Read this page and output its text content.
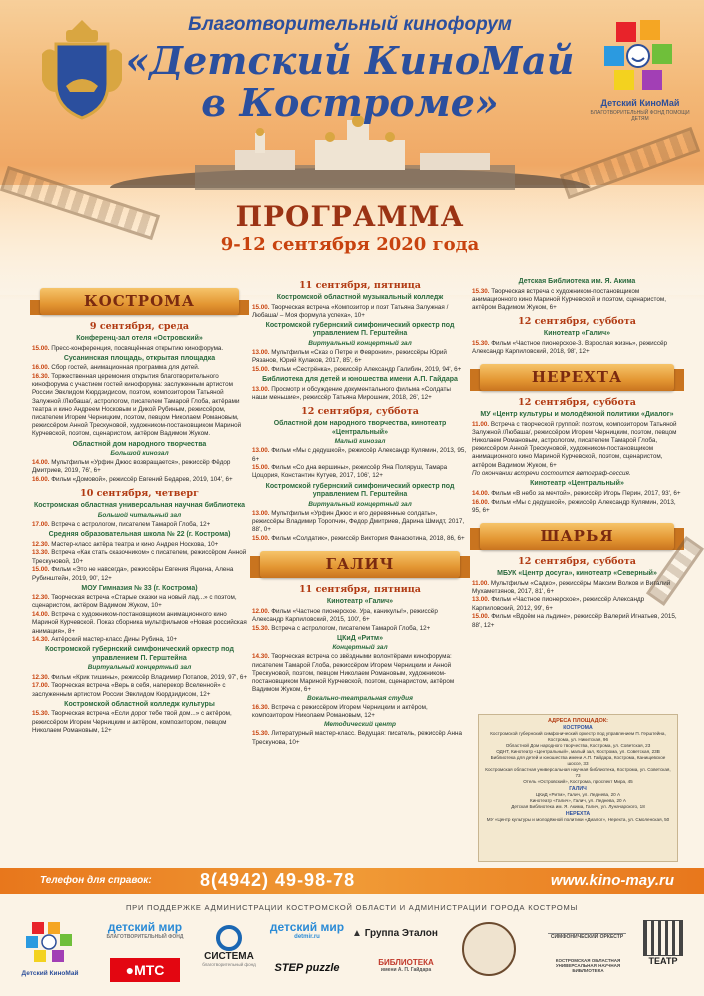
Детский КиноМай
БЛАГОТВОРИТЕЛЬНЫЙ ФОНД ПОМОЩИ ДЕТЯМ
Благотворительный кинофорум
«Детский КиноМай
в Костроме»
ПРОГРАММА
9-12 сентября 2020 года
КОСТРОМА
9 сентября, среда
Конференц-зал отеля «Островский»
15.00. Пресс-конференция, посвящённая открытию кинофорума.
Сусанинская площадь, открытая площадка
16.00. Сбор гостей, анимационная программа для детей.
16.30. Торжественная церемония открытия благотворительного кинофорума с участием гостей кинофорума: заслуженным артистом России Эвклидом Кюрдзидисом, поэтом, композитором Татьяной Залужной /Любаша/, астрологом, писателем Тамарой Глоба, актёрами театра и кино Андреем Носковым и Дикой Рубиным, режиссёром, писателем Игорем Черницким, поэтом, певцом Николаем Романовым, режиссёром Анной Трескуновой, художником-постановщиком Мариной Курчевской, поэтом, сценаристом, актёром Вадимом Жуком.
Областной дом народного творчества
Большой кинозал
14.00. Мультфильм «Урфин Джюс возвращается», режиссёр Фёдор Дмитриев, 2019, 76', 6+
16.00. Фильм «Домовой», режиссёр Евгений Бедарев, 2019, 104', 6+
10 сентября, четверг
Костромская областная универсальная научная библиотека
Большой читальный зал
17.00. Встреча с астрологом, писателем Тамарой Глоба, 12+
Средняя образовательная школа № 22 (г. Кострома)
12.30. Мастер-класс актёра театра и кино Андрея Носкова, 10+
13.30. Встреча «Как стать сказочником» с писателем, режиссёром Анной Трескуновой, 10+
15.00. Фильм «Это не навсегда», режиссёры Евгения Яцкина, Алена Рубинштейн, 2019, 90', 12+
МОУ Гимназия № 33 (г. Кострома)
12.30. Творческая встреча «Старые сказки на новый лад...» с поэтом, сценаристом, актёром Вадимом Жуком, 10+
14.00. Встреча с художником-постановщиком анимационного кино Мариной Курчевской. Показ сборника мультфильмов «Новая российская анимация», 8+
14.30. Актёрский мастер-класс Дины Рубина, 10+
Костромской губернский симфонический оркестр под управлением П. Герштейна
Виртуальный концертный зал
12.30. Фильм «Крик тишины», режиссёр Владимир Потапов, 2019, 97', 6+
17.00. Творческая встреча «Верь в себя, наперекор Вселенной» с заслуженным артистом России Эвклидом Кюрдзидисом, 12+
Костромской областной колледж культуры
15.30. Творческая встреча «Если дорог тебе твой дом...» с актёром, режиссёром Игорем Черницким и актёром, композитором, певцом Николаем Романовым, 12+
11 сентября, пятница
Костромской областной музыкальный колледж
15.00. Творческая встреча «Композитор и поэт Татьяна Залужная /Любаша/ – Моя формула успеха», 10+
Костромской губернский симфонический оркестр под управлением П. Герштейна
Виртуальный концертный зал
13.00. Мультфильм «Сказ о Петре и Февронии», режиссёры Юрий Рязанов, Юрий Кулаков, 2017, 85', 6+
15.00. Фильм «Сестрёнка», режиссёр Александр Галибин, 2019, 94', 6+
Библиотека для детей и юношества имени А.П. Гайдара
13.00. Просмотр и обсуждение документального фильма «Солдаты наши меньшие», режиссёр Татьяна Мирошник, 2018, 26', 12+
12 сентября, суббота
Областной дом народного творчества, кинотеатр «Центральный»
Малый кинозал
13.00. Фильм «Мы с дедушкой», режиссёр Александр Кулямин, 2013, 95, 6+
15.00. Фильм «Со дна вершины», режиссёр Яна Поляруш, Тамара Цоцория, Константин Кутуев, 2017, 106', 12+
Костромской губернский симфонический оркестр под управлением П. Герштейна
Виртуальный концертный зал
13.00. Мультфильм «Урфин Джюс и его деревянные солдаты», режиссёры Владимир Торопчин, Федор Дмитриев, Дарина Шмидт, 2017, 88', 0+
15.00. Фильм «Солдатик», режиссёр Виктория Фанасютина, 2018, 86, 6+
ГАЛИЧ
11 сентября, пятница
Кинотеатр «Галич»
12.00. Фильм «Частное пионерское. Ура, каникулы!», режиссёр Александр Карпиловский, 2015, 100', 6+
15.30. Встреча с астрологом, писателем Тамарой Глоба, 12+
ЦКиД «Ритм»
Концертный зал
14.30. Творческая встреча со звёздными волонтёрами кинофорума: писателем Тамарой Глоба, режиссёром Игорем Черницким и Анной Трескуновой, поэтом, певцом Николаем Романовым, художником-постановщиком Мариной Курчевской, поэтом, сценаристом, актёром Вадимом Жуком, 6+
Вокально-театральная студия
16.30. Встреча с режиссёром Игорем Черницким и актёром, композитором Николаем Романовым, 12+
Методический центр
15.30. Литературный мастер-класс. Ведущая: писатель, режиссёр Анна Трескунова, 10+
Детская Библиотека им. Я. Акима
15.30. Творческая встреча с художником-постановщиком анимационного кино Мариной Курчевской и поэтом, сценаристом, актёром Вадимом Жуком, 6+
12 сентября, суббота
Кинотеатр «Галич»
15.30. Фильм «Частное пионерское-3. Взрослая жизнь», режиссёр Александр Карпиловский, 2018, 98', 12+
НЕРЕХТА
12 сентября, суббота
МУ «Центр культуры и молодёжной политики «Диалог»
11.00. Встреча с творческой группой: поэтом, композитором Татьяной Залужной /Любаша/, режиссёром Игорем Черницким, поэтом, певцом Николаем Романовым, астрологом, писателем Тамарой Глоба, режиссёром Анной Трескуновой, художником-постановщиком анимационного кино Мариной Курчевской, поэтом, сценаристом, актёром Вадимом Жуком, 6+
По окончании встречи состоится автограф-сессия.
Кинотеатр «Центральный»
14.00. Фильм «В небо за мечтой», режиссёр Игорь Перин, 2017, 93', 6+
16.00. Фильм «Мы с дедушкой», режиссёр Александр Кулямин, 2013, 95, 6+
ШАРЬЯ
12 сентября, суббота
МБУК «Центр досуга», кинотеатр «Северный»
11.00. Мультфильм «Садко», режиссёры Максим Волков и Виталий Мухаметзянов, 2017, 81', 6+
13.00. Фильм «Частное пионерское», режиссёр Александр Карпиловский, 2012, 99', 6+
15.00. Фильм «Вдоём на льдине», режиссёр Валерий Игнатьев, 2015, 88', 12+
АДРЕСА ПЛОЩАДОК:
КОСТРОМА
Костромской губернский симфонический оркестр под управлением П. Герштейна, Кострома, ул. Никитская, 96
Областной Дом народного творчества, Кострома, ул. Советская, 23
ОДНТ, Кинотеатр «Центральный», малый зал, Кострома, ул. Советская, 23В
Библиотека для детей и юношества имени А.П. Гайдара, Кострома, Канищевское шоссе, 33
Костромская областная универсальная научная библиотека, Кострома, ул. Советская, 73
Отель «Островский», Кострома, проспект Мира, 45
ГАЛИЧ
ЦКиД «Ритм», Галич, ул. Леднева, 20 А
Кинотеатр «Галич», Галич, ул. Леднева, 20 А
Детская Библиотека им. Я. Акима, Галич, ул. Луначарского, 18
НЕРЕХТА
МУ «Центр культуры и молодёжной политики «Диалог», Нерехта, ул. Смоленская, 50
Телефон для справок:	8(4942) 49-98-78	www.kino-may.ru
ПРИ ПОДДЕРЖКЕ АДМИНИСТРАЦИИ КОСТРОМСКОЙ ОБЛАСТИ И АДМИНИСТРАЦИИ ГОРОДА КОСТРОМЫ
Детский КиноМай
детский мир
БЛАГОТВОРИТЕЛЬНЫЙ ФОНД
●МТС
СИСТЕМА
благотворительный фонд
детский мир
detmir.ru
STEP puzzle
▲ Группа Эталон
БИБЛИОТЕКА
имени А. П. Гайдара
СИМФОНИЧЕСКИЙ ОРКЕСТР
КОСТРОМСКАЯ ОБЛАСТНАЯ УНИВЕРСАЛЬНАЯ НАУЧНАЯ БИБЛИОТЕКА
ТЕАТР
